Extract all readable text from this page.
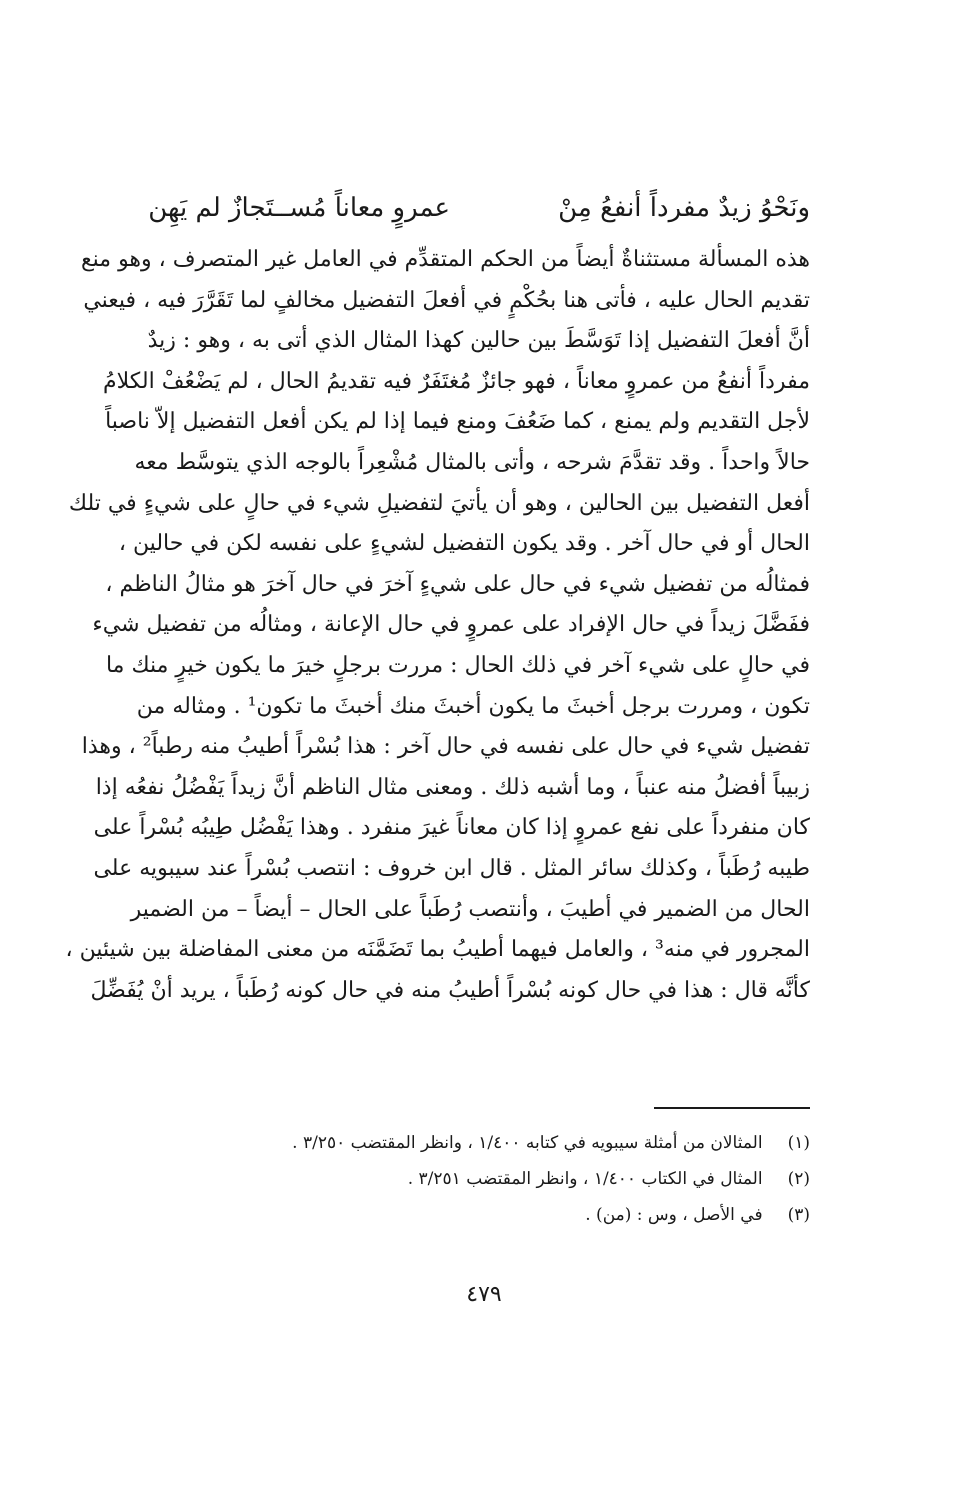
ونَحْوُ زيدٌ مفرداً أنفعُ مِنْ
عمروٍ معاناً مُســتَجازٌ لم يَهِن
هذه المسألة مستثناةٌ أيضاً من الحكم المتقدِّم في العامل غير المتصرف ، وهو منع
تقديم الحال عليه ، فأتى هنا بحُكْمٍ في أفعلَ التفضيل مخالفٍ لما تَقَرَّرَ فيه ، فيعني
أنَّ أفعلَ التفضيل إذا تَوَسَّطَ بين حالين كهذا المثال الذي أتى به ، وهو : زيدٌ
مفرداً أنفعُ من عمروٍ معاناً ، فهو جائزٌ مُغتَفَرٌ فيه تقديمُ الحال ، لم يَضْعُفْ الكلامُ
لأجل التقديم ولم يمنع ، كما ضَعُفَ ومنع فيما إذا لم يكن أفعل التفضيل إلاّ ناصباً
حالاً واحداً . وقد تقدَّمَ شرحه ، وأتى بالمثال مُشْعِراً بالوجه الذي يتوسَّط معه
أفعل التفضيل بين الحالين ، وهو أن يأتيَ لتفضيلِ شيء في حالٍ على شيءٍ في تلك
الحال أو في حال آخر . وقد يكون التفضيل لشيءٍ على نفسه لكن في حالين ،
فمثالُه من تفضيل شيء في حال على شيءٍ آخرَ في حال آخرَ هو مثالُ الناظم ،
ففَضَّلَ زيداً في حال الإفراد على عمروٍ في حال الإعانة ، ومثالُه من تفضيل شيء
في حالٍ على شيء آخر في ذلك الحال : مررت برجلٍ خيرَ ما يكون خيرٍ منك ما
تكون ، ومررت برجل أخبثَ ما يكون أخبثَ منك أخبثَ ما تكون¹ . ومثاله من
تفضيل شيء في حال على نفسه في حال آخر : هذا بُسْراً أطيبُ منه رطباً² ، وهذا
زبيباً أفضلُ منه عنباً ، وما أشبه ذلك . ومعنى مثال الناظم أنَّ زيداً يَفْضُلُ نفعُه إذا
كان منفرداً على نفع عمروٍ إذا كان معاناً غيرَ منفرد . وهذا يَفْضُل طِيبُه بُسْراً على
طيبه رُطَباً ، وكذلك سائر المثل . قال ابن خروف : انتصب بُسْراً عند سيبويه على
الحال من الضمير في أطيبَ ، وأنتصب رُطَباً على الحال – أيضاً – من الضمير
المجرور في منه³ ، والعامل فيهما أطيبُ بما تَضَمَّنَه من معنى المفاضلة بين شيئين ،
كأنَّه قال : هذا في حال كونه بُسْراً أطيبُ منه في حال كونه رُطَباً ، يريد أنْ يُفَضِّلَ
(١) المثالان من أمثلة سيبويه في كتابه ١/٤٠٠ ، وانظر المقتضب ٣/٢٥٠ .
(٢) المثال في الكتاب ١/٤٠٠ ، وانظر المقتضب ٣/٢٥١ .
(٣) في الأصل ، وس : (من) .
٤٧٩
